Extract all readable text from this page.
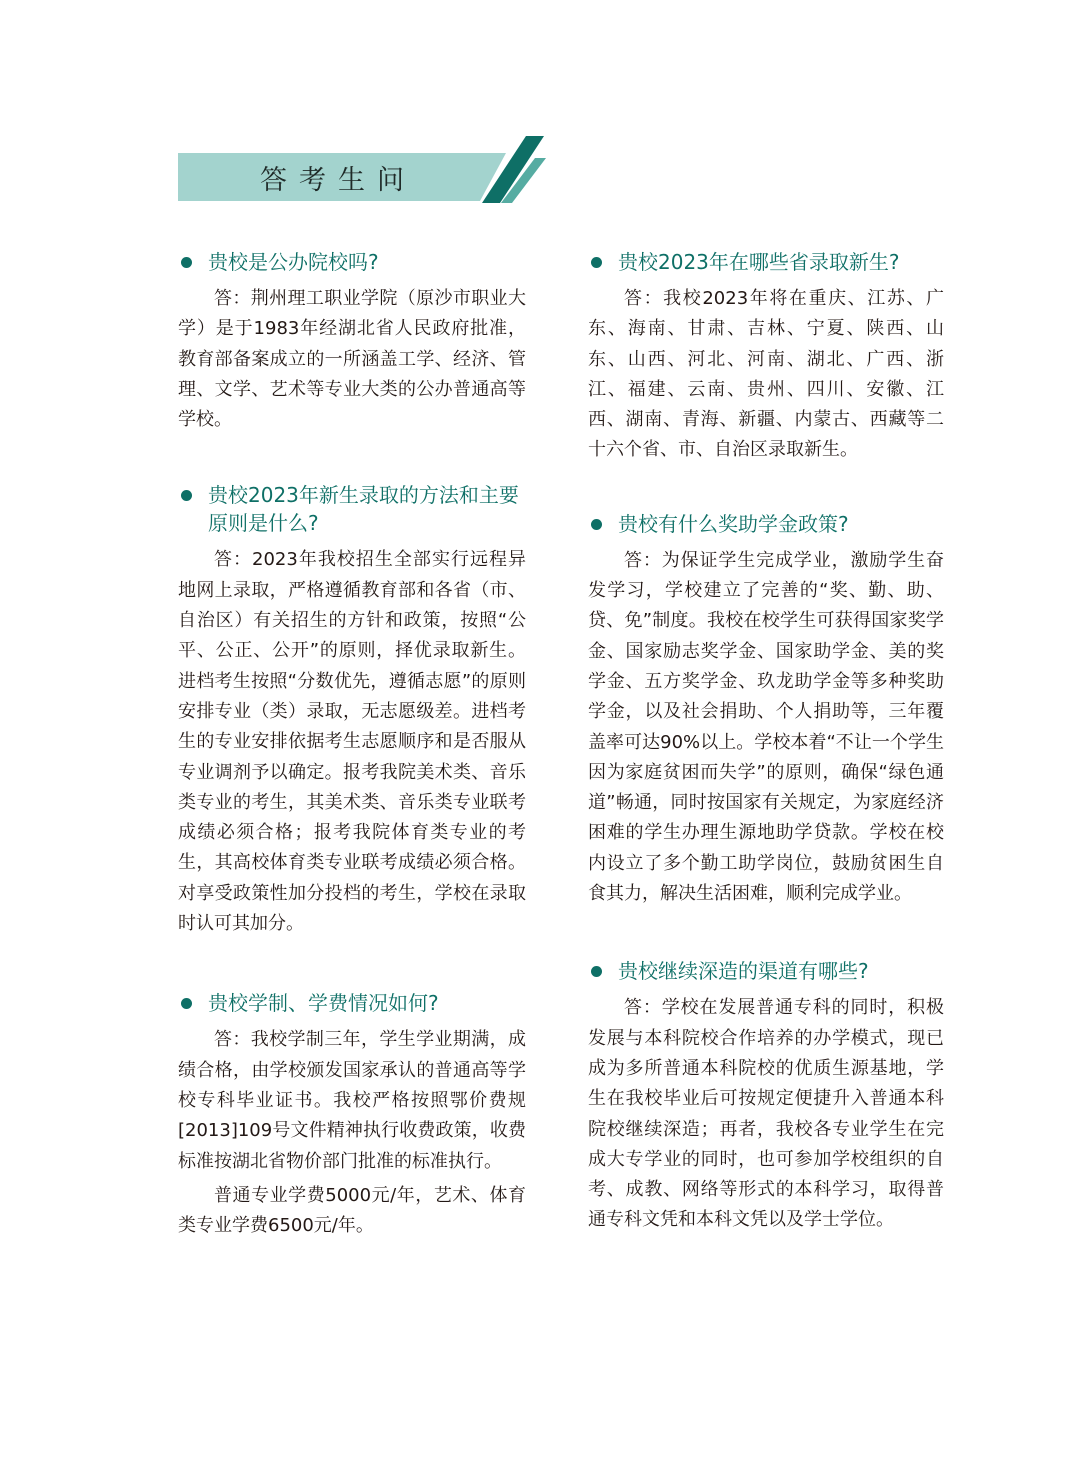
答考生问
贵校是公办院校吗?

答：荆州理工职业学院（原沙市职业大学）是于1983年经湖北省人民政府批准，教育部备案成立的一所涵盖工学、经济、管理、文学、艺术等专业大类的公办普通高等学校。

贵校2023年新生录取的方法和主要原则是什么?

答：2023年我校招生全部实行远程异地网上录取，严格遵循教育部和各省（市、自治区）有关招生的方针和政策，按照“公平、公正、公开”的原则，择优录取新生。进档考生按照“分数优先，遵循志愿”的原则安排专业（类）录取，无志愿级差。进档考生的专业安排依据考生志愿顺序和是否服从专业调剂予以确定。报考我院美术类、音乐类专业的考生，其美术类、音乐类专业联考成绩必须合格；报考我院体育类专业的考生，其高校体育类专业联考成绩必须合格。对享受政策性加分投档的考生，学校在录取时认可其加分。

贵校学制、学费情况如何?

答：我校学制三年，学生学业期满，成绩合格，由学校颁发国家承认的普通高等学校专科毕业证书。我校严格按照鄂价费规 [2013]109号文件精神执行收费政策，收费标准按湖北省物价部门批准的标准执行。

普通专业学费5000元/年，艺术、体育类专业学费6500元/年。

贵校2023年在哪些省录取新生?

答：我校2023年将在重庆、江苏、广东、海南、甘肃、吉林、宁夏、陕西、山东、山西、河北、河南、湖北、广西、浙江、福建、云南、贵州、四川、安徽、江西、湖南、青海、新疆、内蒙古、西藏等二十六个省、市、自治区录取新生。

贵校有什么奖助学金政策?

答：为保证学生完成学业，激励学生奋发学习，学校建立了完善的“奖、勤、助、贷、免”制度。我校在校学生可获得国家奖学金、国家励志奖学金、国家助学金、美的奖学金、五方奖学金、玖龙助学金等多种奖助学金，以及社会捐助、个人捐助等，三年覆盖率可达90%以上。学校本着“不让一个学生因为家庭贫困而失学”的原则，确保“绿色通道”畅通，同时按国家有关规定，为家庭经济困难的学生办理生源地助学贷款。学校在校内设立了多个勤工助学岗位，鼓励贫困生自食其力，解决生活困难，顺利完成学业。

贵校继续深造的渠道有哪些?

答：学校在发展普通专科的同时，积极发展与本科院校合作培养的办学模式，现已成为多所普通本科院校的优质生源基地，学生在我校毕业后可按规定便捷升入普通本科院校继续深造；再者，我校各专业学生在完成大专学业的同时，也可参加学校组织的自考、成教、网络等形式的本科学习，取得普通专科文凭和本科文凭以及学士学位。
